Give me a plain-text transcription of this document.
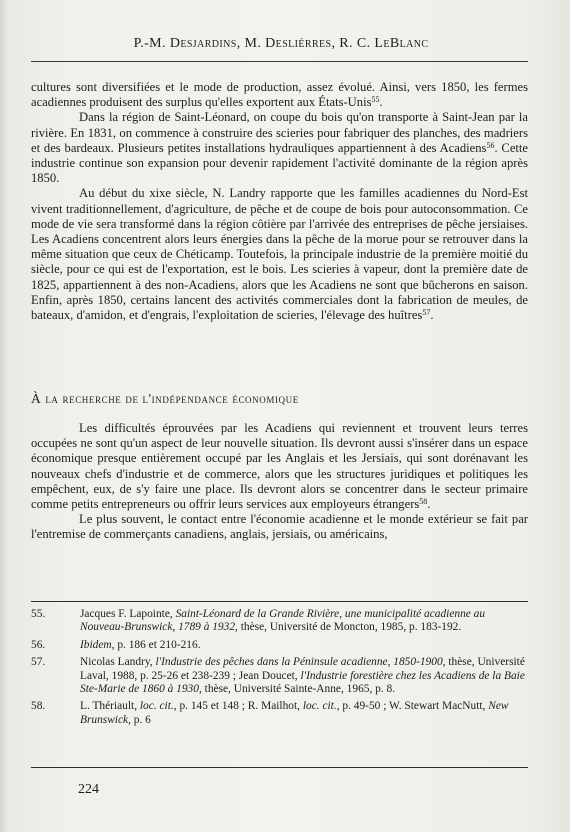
P.-M. Desjardins, M. Desliérres, R. C. LeBlanc

cultures sont diversifiées et le mode de production, assez évolué. Ainsi, vers 1850, les fermes acadiennes produisent des surplus qu'elles exportent aux États-Unis$^{55}$.

Dans la région de Saint-Léonard, on coupe du bois qu'on transporte à Saint-Jean par la rivière. En 1831, on commence à construire des scieries pour fabriquer des planches, des madriers et des bardeaux. Plusieurs petites installations hydrauliques appartiennent à des Acadiens$^{56}$. Cette industrie continue son expansion pour devenir rapidement l'activité dominante de la région après 1850.

Au début du xixe siècle, N. Landry rapporte que les familles acadiennes du Nord-Est vivent traditionnellement, d'agriculture, de pêche et de coupe de bois pour autoconsommation. Ce mode de vie sera transformé dans la région côtière par l'arrivée des entreprises de pêche jersiaises. Les Acadiens concentrent alors leurs énergies dans la pêche de la morue pour se retrouver dans la même situation que ceux de Chéticamp. Toutefois, la principale industrie de la première moitié du siècle, pour ce qui est de l'exportation, est le bois. Les scieries à vapeur, dont la première date de 1825, appartiennent à des non-Acadiens, alors que les Acadiens ne sont que bûcherons en saison. Enfin, après 1850, certains lancent des activités commerciales dont la fabrication de meules, de bateaux, d'amidon, et d'engrais, l'exploitation de scieries, l'élevage des huîtres$^{57}$.

À la recherche de l'indépendance économique

Les difficultés éprouvées par les Acadiens qui reviennent et trouvent leurs terres occupées ne sont qu'un aspect de leur nouvelle situation. Ils devront aussi s'insérer dans un espace économique presque entièrement occupé par les Anglais et les Jersiais, qui sont dorénavant les nouveaux chefs d'industrie et de commerce, alors que les structures juridiques et politiques les empêchent, eux, de s'y faire une place. Ils devront alors se concentrer dans le secteur primaire comme petits entrepreneurs ou offrir leurs services aux employeurs étrangers$^{58}$.

Le plus souvent, le contact entre l'économie acadienne et le monde extérieur se fait par l'entremise de commerçants canadiens, anglais, jersiais, ou américains,

55.	Jacques F. Lapointe, Saint-Léonard de la Grande Rivière, une municipalité acadienne au Nouveau-Brunswick, 1789 à 1932, thèse, Université de Moncton, 1985, p. 183-192.
56.	Ibidem, p. 186 et 210-216.
57.	Nicolas Landry, l'Industrie des pêches dans la Péninsule acadienne, 1850-1900, thèse, Université Laval, 1988, p. 25-26 et 238-239 ; Jean Doucet, l'Industrie forestière chez les Acadiens de la Baie Ste-Marie de 1860 à 1930, thèse, Université Sainte-Anne, 1965, p. 8.
58.	L. Thériault, loc. cit., p. 145 et 148 ; R. Mailhot, loc. cit., p. 49-50 ; W. Stewart MacNutt, New Brunswick, p. 6
224
